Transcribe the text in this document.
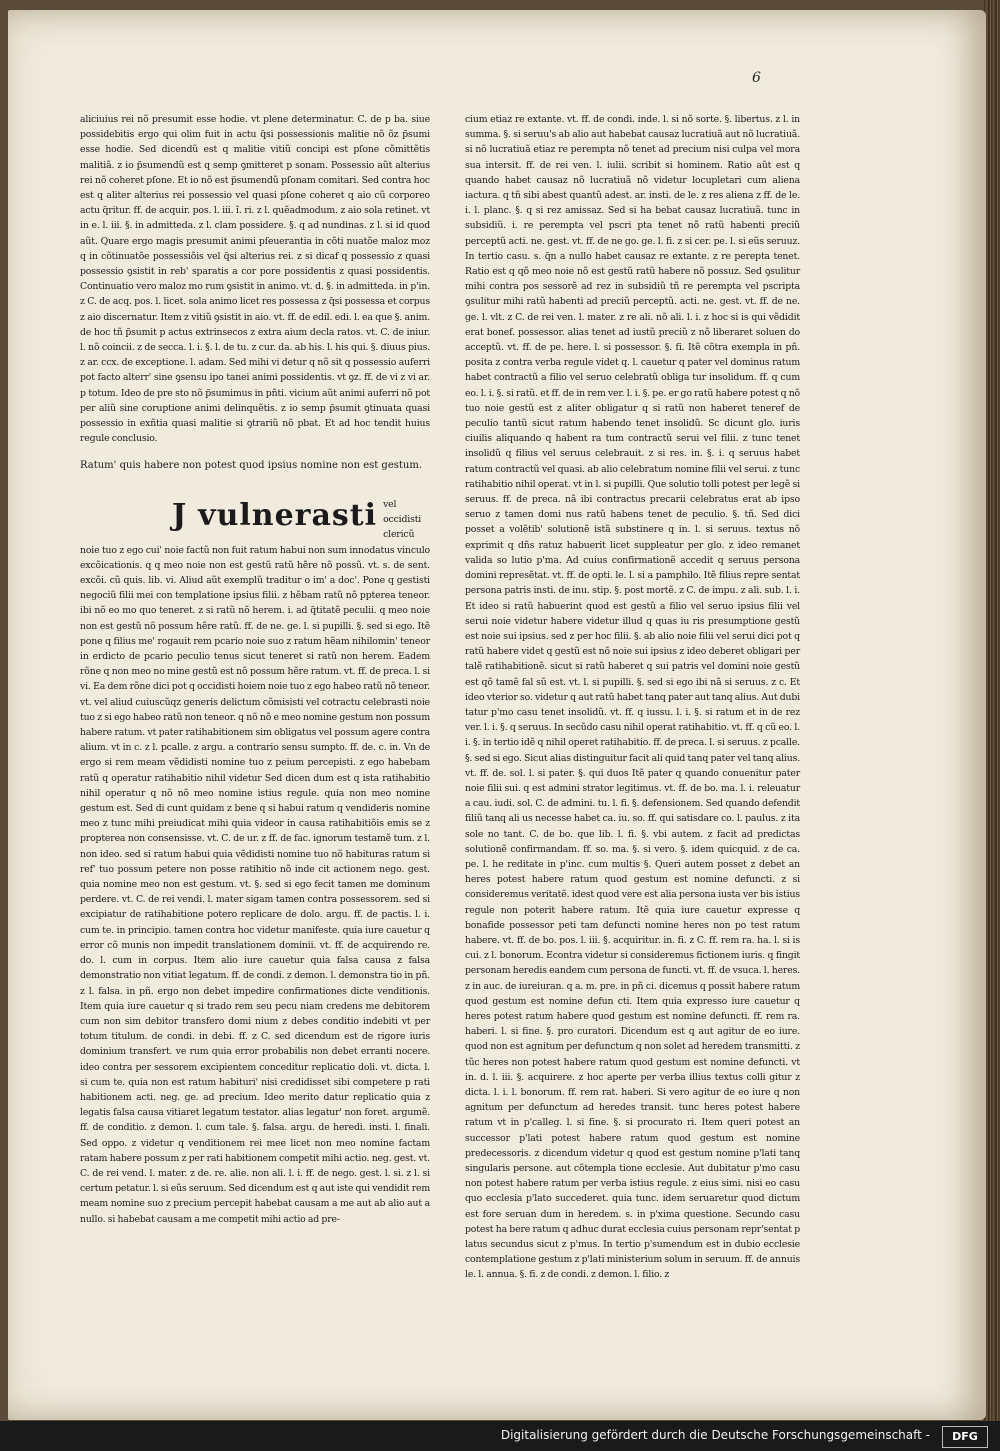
6

aliciuius rei nõ presumit esse hodie. vt plene determinatur. C. de p ba. siue possidebitis ergo qui olim fuit in actu q̃si possessionis malitie nõ õz p̃sumi esse hodie. Sed dicendũ est q malitie vitiũ concipi est pſone cõmittẽtis malitiã. z io p̃sumendũ est q semp ꝯmitteret p sonam. Possessio aũt alterius rei nõ coheret pſone. Et io nõ est p̃sumendũ pſonam comitari. Sed contra hoc est q aliter alterius rei possessio vel quasi pſone coheret q aio cũ corporeo actu q̃ritur. ff. de acquir. pos. l. iii. ĩ. ri. z l. quẽadmodum. z aio sola retinet. vt in e. l. iii. §. in admitteda. z l. clam possidere. §. q ad nundinas. z l. si id quod aũt. Quare ergo magis presumit animi pſeuerantia in cõti nuatõe maloz moz q in cõtinuatõe possessiõis vel q̃si alterius rei. z si dicaf q possessio z quasi possessio ꝯsistit in reb' sparatis a cor pore possidentis z quasi possidentis. Continuatio vero maloz mo rum ꝯsistit in animo. vt. d. §. in admitteda. in p'in. z C. de acq. pos. l. licet. sola animo licet res possessa z q̃si possessa et corpus z aio discernatur. Item z vitiũ ꝯsistit in aio. vt. ff. de edil. edi. l. ea que §. anim. de hoc tñ p̃sumit p actus extrinsecos z extra aium decla ratos. vt. C. de iniur. l. nõ coincii. z de secca. l. i. §. l. de tu. z cur. da. ab his. l. his qui. §. diuus pius. z ar. ccx. de exceptione. l. adam. Sed mihi vi detur q nõ sit q possessio auferri pot facto alterr' sine ꝯsensu ipo tanei animi possidentis. vt ꝯz. ff. de vi z vi ar. p totum. Ideo de pre sto nõ p̃sumimus in pñti. vicium aũt animi auferri nõ pot per aliũ sine coruptione animi delinquẽtis. z io semp p̃sumit ꝯtinuata quasi possessio in exñtia quasi malitie si ꝯtrariũ nõ pbat. Et ad hoc tendit huius regule conclusio.

Ratum' quis habere non potest quod ipsius nomine non est gestum.
J vulnerasti vel occidisti clericũ noie tuo z ego cui' noie factũ non fuit ratum habui non sum innodatus vinculo excõicationis. q q meo noie non est gestũ ratũ hẽre nõ possũ. vt. s. de sent. excõi. cũ quis. lib. vi. Aliud aũt exemplũ traditur o im' a doc'. Pone q gestisti negociũ filii mei con templatione ipsius filii. z hẽbam ratũ nõ ppterea teneor. ibi nõ eo mo quo teneret. z si ratũ nõ herem. i. ad q̃titatẽ peculii. q meo noie non est gestũ nõ possum hẽre ratũ. ff. de ne. ge. l. si pupilli. §. sed si ego. Itẽ pone q filius me' rogauit rem pcario noie suo z ratum hẽam nihilomin' teneor in erdicto de pcario peculio tenus sicut teneret si ratũ non herem. Eadem rõne q non meo no mine gestũ est nõ possum hẽre ratum. vt. ff. de preca. l. si vi. Ea dem rõne dici pot q occidisti hoiem noie tuo z ego habeo ratũ nõ teneor. vt. vel aliud cuiuscũqz generis delictum cõmisisti vel cotractu celebrasti noie tuo z si ego habeo ratũ non teneor. q nõ nõ e meo nomine gestum non possum habere ratum. vt pater ratihabitionem sim obligatus vel possum agere contra alium. vt in c. z l. pcalle. z argu. a contrario sensu sumpto. ff. de. c. in. Vn de ergo si rem meam vẽdidisti nomine tuo z peium percepisti. z ego habebam ratũ q operatur ratihabitio nihil videtur Sed dicen dum est q ista ratihabitio nihil operatur q nõ nõ meo nomine istius regule. quia non meo nomine gestum est. Sed di cunt quidam z bene q si habui ratum q vendideris nomine meo z tunc mihi preiudicat mihi quia videor in causa ratihabitiõis emis se z propterea non consensisse. vt. C. de ur. z ff. de fac. ignorum testamẽ tum. z l. non ideo. sed si ratum habui quia vẽdidisti nomine tuo nõ habituras ratum si ref' tuo possum petere non posse ratihitio nõ inde cit actionem nego. gest. quia nomine meo non est gestum. vt. §. sed si ego fecit tamen me dominum perdere. vt. C. de rei vendi. l. mater sigam tamen contra possessorem. sed si excipiatur de ratihabitione potero replicare de dolo. argu. ff. de pactis. l. i. cum te. in principio. tamen contra hoc videtur manifeste. quia iure cauetur q error cõ munis non impedit translationem dominii. vt. ff. de acquirendo re. do. l. cum in corpus. Item alio iure cauetur quia falsa causa z falsa demonstratio non vitiat legatum. ff. de condi. z demon. l. demonstra tio in pñ. z l. falsa. in pñ. ergo non debet impedire confirmationes dicte venditionis. Item quia iure cauetur q si trado rem seu pecu niam credens me debitorem cum non sim debitor transfero domi nium z debes conditio indebiti vt per totum titulum. de condi. in debi. ff. z C. sed dicendum est de rigore iuris dominium transfert. ve rum quia error probabilis non debet erranti nocere. ideo contra per sessorem excipientem conceditur replicatio doli. vt. dicta. l. si cum te. quia non est ratum habituri' nisi credidisset sibi competere p rati habitionem acti. neg. ge. ad precium. Ideo merito datur replicatio quia z legatis falsa causa vitiaret legatum testator. alias legatur' non foret. argumẽ. ff. de conditio. z demon. l. cum tale. §. falsa. argu. de heredi. insti. l. finali. Sed oppo. z videtur q venditionem rei mee licet non meo nomine factam ratam habere possum z per rati habitionem competit mihi actio. neg. gest. vt. C. de rei vend. l. mater. z de. re. alie. non ali. l. i. ff. de nego. gest. l. si. z l. si certum petatur. l. si eũs seruum. Sed dicendum est q aut iste qui vendidit rem meam nomine suo z precium percepit habebat causam a me aut ab alio aut a nullo. si habebat causam a me competit mihi actio ad pre-

cium etiaz re extante. vt. ff. de condi. inde. l. si nõ sorte. §. libertus. z l. in summa. §. si seruu's ab alio aut habebat causaz lucratiuã aut nõ lucratiuã. si nõ lucratiuã etiaz re perempta nõ tenet ad precium nisi culpa vel mora sua intersit. ff. de rei ven. l. iulii. scribit si hominem. Ratio aũt est q quando habet causaz nõ lucratiuã nõ videtur locupletari cum aliena iactura. q tñ sibi abest quantũ adest. ar. insti. de le. z res aliena z ff. de le. i. l. planc. §. q si rez amissaz. Sed si ha bebat causaz lucratiuã. tunc in subsidiũ. i. re perempta vel pscri pta tenet nõ ratũ habenti preciũ perceptũ acti. ne. gest. vt. ff. de ne go. ge. l. fi. z si cer. pe. l. si eũs seruuz. In tertio casu. s. q̃n a nullo habet causaz re extante. z re perepta tenet. Ratio est q qõ meo noie nõ est gestũ ratũ habere nõ possuz. Sed ꝯsulitur mihi contra pos sessorẽ ad rez in subsidiũ tñ re perempta vel pscripta ꝯsulitur mihi ratũ habenti ad preciũ perceptũ. acti. ne. gest. vt. ff. de ne. ge. l. vlt. z C. de rei ven. l. mater. z re ali. nõ ali. l. i. z hoc si is qui vẽdidit erat bonef. possessor. alias tenet ad iustũ preciũ z nõ liberaret soluen do acceptũ. vt. ff. de pe. here. l. si possessor. §. fi. Itẽ cõtra exempla in pñ. posita z contra verba regule videt q. l. cauetur q pater vel dominus ratum habet contractũ a filio vel seruo celebratũ obliga tur insolidum. ff. q cum eo. l. i. §. si ratũ. et ff. de in rem ver. l. i. §. pe. er go ratũ habere potest q nõ tuo noie gestũ est z aliter obligatur q si ratũ non haberet teneref de peculio tantũ sicut ratum habendo tenet insolidũ. Sc dicunt glo. iuris ciuilis aliquando q habent ra tum contractũ serui vel filii. z tunc tenet insolidũ q filius vel seruus celebrauit. z si res. in. §. i. q seruus habet ratum contractũ vel quasi. ab alio celebratum nomine filii vel serui. z tunc ratihabitio nihil operat. vt in l. si pupilli. Que solutio tolli potest per legẽ si seruus. ff. de preca. nã ibi contractus precarii celebratus erat ab ipso seruo z tamen domi nus ratũ habens tenet de peculio. §. tñ. Sed dici posset a volẽtib' solutionẽ istã substinere q in. l. si seruus. textus nõ exprimit q dñs ratuz habuerit licet suppleatur per glo. z ideo remanet valida so lutio p'ma. Ad cuius confirmationẽ accedit q seruus persona domini represẽtat. vt. ff. de opti. le. l. si a pamphilo. Itẽ filius repre sentat persona patris insti. de inu. stip. §. post mortẽ. z C. de impu. z ali. sub. l. i. Et ideo si ratũ habuerint quod est gestũ a filio vel seruo ipsius filii vel serui noie videtur habere videtur illud q quas iu ris presumptione gestũ est noie sui ipsius. sed z per hoc filii. §. ab alio noie filii vel serui dici pot q ratũ habere videt q gestũ est nõ noie sui ipsius z ideo deberet obligari per talẽ ratihabitionẽ. sicut si ratũ haberet q sui patris vel domini noie gestũ est qõ tamẽ fal sũ est. vt. l. si pupilli. §. sed si ego ibi nã si seruus. z c. Et ideo vterior so. videtur q aut ratũ habet tanq pater aut tanq alius. Aut dubi tatur p'mo casu tenet insolidũ. vt. ff. q iussu. l. i. §. si ratum et in de rez ver. l. i. §. q seruus. In secũdo casu nihil operat ratihabitio. vt. ff. q cũ eo. l. i. §. in tertio idẽ q nihil operet ratihabitio. ff. de preca. l. si seruus. z pcalle. §. sed si ego. Sicut alias distinguitur facit ali quid tanq pater vel tanq alius. vt. ff. de. sol. l. si pater. §. qui duos Itẽ pater q quando conuenitur pater noie filii sui. q est admini strator legitimus. vt. ff. de bo. ma. l. i. releuatur a cau. iudi. sol. C. de admini. tu. l. fi. §. defensionem. Sed quando defendit filiũ tanq ali us necesse habet ca. iu. so. ff. qui satisdare co. l. paulus. z ita sole no tant. C. de bo. que lib. l. fi. §. vbi autem. z facit ad predictas solutionẽ confirmandam. ff. so. ma. §. si vero. §. idem quicquid. z de ca. pe. l. he reditate in p'inc. cum multis §. Queri autem posset z debet an heres potest habere ratum quod gestum est nomine defuncti. z si consideremus veritatẽ. idest quod vere est alia persona iusta ver bis istius regule non poterit habere ratum. Itẽ quia iure cauetur expresse q bonafide possessor peti tam defuncti nomine heres non po test ratum habere. vt. ff. de bo. pos. l. iii. §. acquiritur. in. fi. z C. ff. rem ra. ha. l. si is cui. z l. bonorum. Econtra videtur si consideremus fictionem iuris. q fingit personam heredis eandem cum persona de functi. vt. ff. de vsuca. l. heres. z in auc. de iureiuran. q a. m. pre. in pñ ci. dicemus q possit habere ratum quod gestum est nomine defun cti. Item quia expresso iure cauetur q heres potest ratum habere quod gestum est nomine defuncti. ff. rem ra. haberi. l. si fine. §. pro curatori. Dicendum est q aut agitur de eo iure. quod non est agnitum per defunctum q non solet ad heredem transmitti. z tũc heres non potest habere ratum quod gestum est nomine defuncti. vt in. d. l. iii. §. acquirere. z hoc aperte per verba illius textus colli gitur z dicta. l. i. l. bonorum. ff. rem rat. haberi. Si vero agitur de eo iure q non agnitum per defunctum ad heredes transit. tunc heres potest habere ratum vt in p'calleg. l. si fine. §. si procurato ri. Item queri potest an successor p'lati potest habere ratum quod gestum est nomine predecessoris. z dicendum videtur q quod est gestum nomine p'lati tanq singularis persone. aut cõtempla tione ecclesie. Aut dubitatur p'mo casu non potest habere ratum per verba istius regule. z eius simi. nisi eo casu quo ecclesia p'lato succederet. quia tunc. idem seruaretur quod dictum est fore seruan dum in heredem. s. in p'xima questione. Secundo casu potest ha bere ratum q adhuc durat ecclesia cuius personam repr'sentat p latus secundus sicut z p'mus. In tertio p'sumendum est in dubio ecclesie contemplatione gestum z p'lati ministerium solum in seruum. ff. de annuis le. l. annua. §. fi. z de condi. z demon. l. filio. z

Digitalisierung gefördert durch die Deutsche Forschungsgemeinschaft -	DFG
